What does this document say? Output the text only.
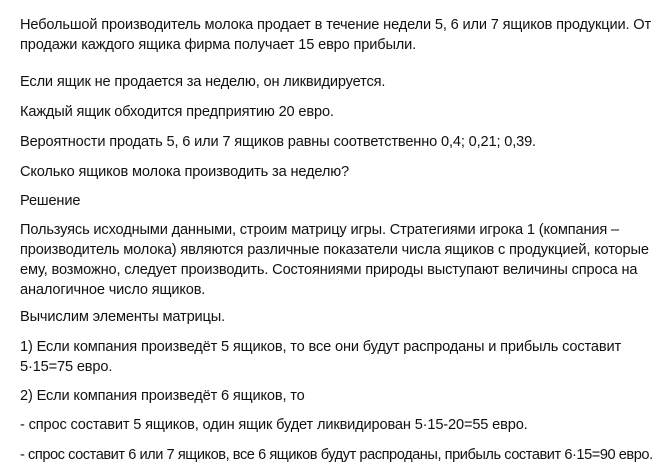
Небольшой производитель молока продает в течение недели 5, 6 или 7 ящиков продукции. От
продажи каждого ящика фирма получает 15 евро прибыли.

Если ящик не продается за неделю, он ликвидируется.

Каждый ящик обходится предприятию 20 евро.

Вероятности продать 5, 6 или 7 ящиков равны соответственно 0,4; 0,21; 0,39.

Сколько ящиков молока производить за неделю?

Решение

Пользуясь исходными данными, строим матрицу игры. Стратегиями игрока 1 (компания –
производитель молока) являются различные показатели числа ящиков с продукцией, которые
ему, возможно, следует производить. Состояниями природы выступают величины спроса на
аналогичное число ящиков.

Вычислим элементы матрицы.

1) Если компания произведёт 5 ящиков, то все они будут распроданы и прибыль составит
5·15=75 евро.

2) Если компания произведёт 6 ящиков, то

- спрос составит 5 ящиков, один ящик будет ликвидирован 5·15-20=55 евро.

- спрос составит 6 или 7 ящиков, все 6 ящиков будут распроданы, прибыль составит 6·15=90 евро.
